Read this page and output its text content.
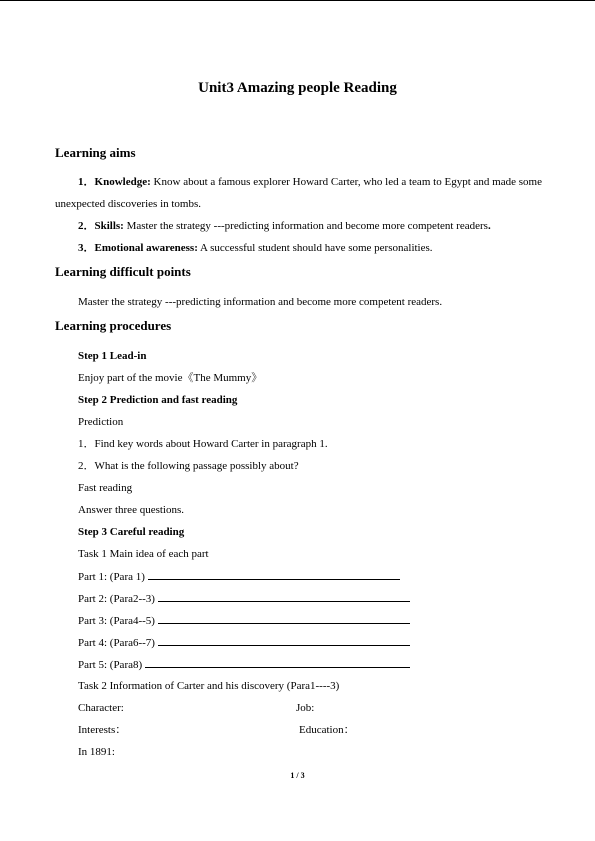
Unit3 Amazing people Reading
Learning aims
1．Knowledge: Know about a famous explorer Howard Carter, who led a team to Egypt and made some unexpected discoveries in tombs.
2．Skills: Master the strategy ---predicting information and become more competent readers.
3．Emotional awareness: A successful student should have some personalities.
Learning difficult points
Master the strategy ---predicting information and become more competent readers.
Learning procedures
Step 1 Lead-in
Enjoy part of the movie《The Mummy》
Step 2 Prediction and fast reading
Prediction
1．Find key words about Howard Carter in paragraph 1.
2．What is the following passage possibly about?
Fast reading
Answer three questions.
Step 3 Careful reading
Task 1 Main idea of each part
Part 1: (Para 1)
Part 2: (Para2--3)
Part 3: (Para4--5)
Part 4: (Para6--7)
Part 5: (Para8)
Task 2 Information of Carter and his discovery (Para1----3)
Character:	Job:
Interests：	Education：
In 1891:
1 / 3
